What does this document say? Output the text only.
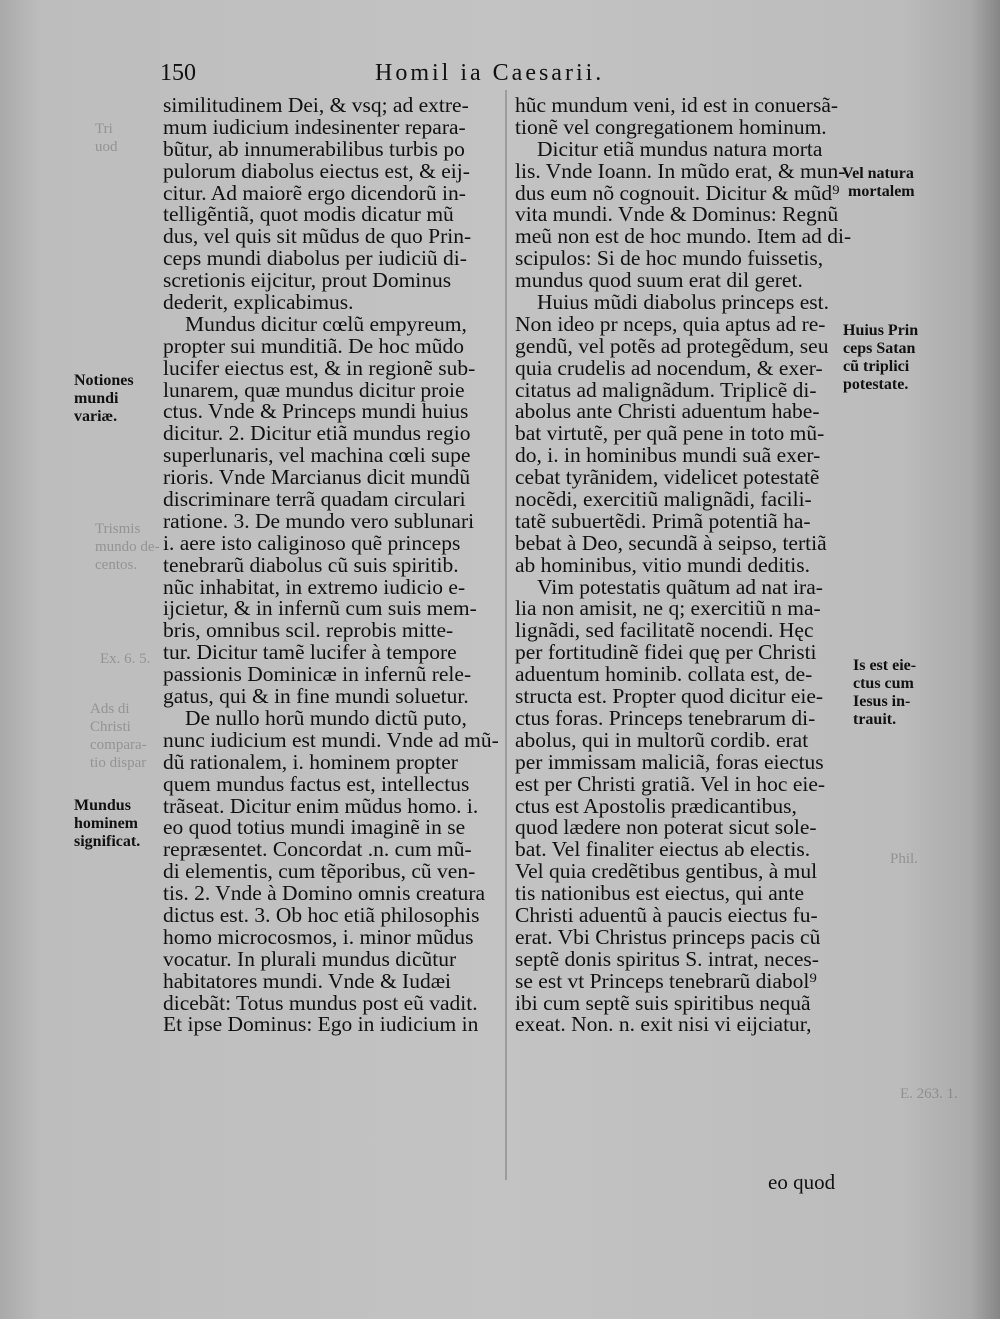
Tri
uod
Trismis
mundo de-
centos.
Ex. 6. 5.
Ads di
Christi
compara-
tio dispar
Phil.
E. 263. 1.
150	Homil ia Caesarii.
similitudinem Dei, & vsq; ad extre-
mum iudicium indesinenter repara-
bũtur, ab innumerabilibus turbis po
pulorum diabolus eiectus est, & eij-
citur. Ad maiorẽ ergo dicendorũ in-
telligẽntiã, quot modis dicatur mũ
dus, vel quis sit mũdus de quo Prin-
ceps mundi diabolus per iudiciũ di-
scretionis eijcitur, prout Dominus
dederit, explicabimus.
Mundus dicitur cœlũ empyreum,
propter sui munditiã. De hoc mũdo
lucifer eiectus est, & in regionẽ sub-
lunarem, quæ mundus dicitur proie
ctus. Vnde & Princeps mundi huius
dicitur. 2. Dicitur etiã mundus regio
superlunaris, vel machina cœli supe
rioris. Vnde Marcianus dicit mundũ
discriminare terrã quadam circulari
ratione. 3. De mundo vero sublunari
i. aere isto caliginoso quẽ princeps
tenebrarũ diabolus cũ suis spiritib.
nũc inhabitat, in extremo iudicio e-
ijcietur, & in infernũ cum suis mem-
bris, omnibus scil. reprobis mitte-
tur. Dicitur tamẽ lucifer à tempore
passionis Dominicæ in infernũ rele-
gatus, qui & in fine mundi soluetur.
De nullo horũ mundo dictũ puto,
nunc iudicium est mundi. Vnde ad mũ-
dũ rationalem, i. hominem propter
quem mundus factus est, intellectus
trãseat. Dicitur enim mũdus homo. i.
eo quod totius mundi imaginẽ in se
repræsentet. Concordat .n. cum mũ-
di elementis, cum tẽporibus, cũ ven-
tis. 2. Vnde à Domino omnis creatura
dictus est. 3. Ob hoc etiã philosophis
homo microcosmos, i. minor mũdus
vocatur. In plurali mundus dicũtur
habitatores mundi. Vnde & Iudæi
dicebãt: Totus mundus post eũ vadit.
Et ipse Dominus: Ego in iudicium in
hũc mundum veni, id est in conuersã-
tionẽ vel congregationem hominum.
Dicitur etiã mundus natura morta
lis. Vnde Ioann. In mũdo erat, & mun-
dus eum nõ cognouit. Dicitur & mũd⁹
vita mundi. Vnde & Dominus: Regnũ
meũ non est de hoc mundo. Item ad di-
scipulos: Si de hoc mundo fuissetis,
mundus quod suum erat dil geret.
Huius mũdi diabolus princeps est.
Non ideo pr nceps, quia aptus ad re-
gendũ, vel potẽs ad protegẽdum, seu
quia crudelis ad nocendum, & exer-
citatus ad malignãdum. Triplicẽ di-
abolus ante Christi aduentum habe-
bat virtutẽ, per quã pene in toto mũ-
do, i. in hominibus mundi suã exer-
cebat tyrãnidem, videlicet potestatẽ
nocẽdi, exercitiũ malignãdi, facili-
tatẽ subuertẽdi. Primã potentiã ha-
bebat à Deo, secundã à seipso, tertiã
ab hominibus, vitio mundi deditis.
Vim potestatis quãtum ad nat ira-
lia non amisit, ne q; exercitiũ n ma-
lignãdi, sed facilitatẽ nocendi. Hęc
per fortitudinẽ fidei quę per Christi
aduentum hominib. collata est, de-
structa est. Propter quod dicitur eie-
ctus foras. Princeps tenebrarum di-
abolus, qui in multorũ cordib. erat
per immissam maliciã, foras eiectus
est per Christi gratiã. Vel in hoc eie-
ctus est Apostolis prædicantibus,
quod lædere non poterat sicut sole-
bat. Vel finaliter eiectus ab electis.
Vel quia credẽtibus gentibus, à mul
tis nationibus est eiectus, qui ante
Christi aduentũ à paucis eiectus fu-
erat. Vbi Christus princeps pacis cũ
septẽ donis spiritus S. intrat, neces-
se est vt Princeps tenebrarũ diabol⁹
ibi cum septẽ suis spiritibus nequã
exeat. Non. n. exit nisi vi eijciatur,
Notiones
mundi
variæ.
Mundus
hominem
significat.
Vel natura
mortalem
Huius Prin
ceps Satan
cũ triplici
potestate.
Is est eie-
ctus cum
Iesus in-
trauit.
eo quod
